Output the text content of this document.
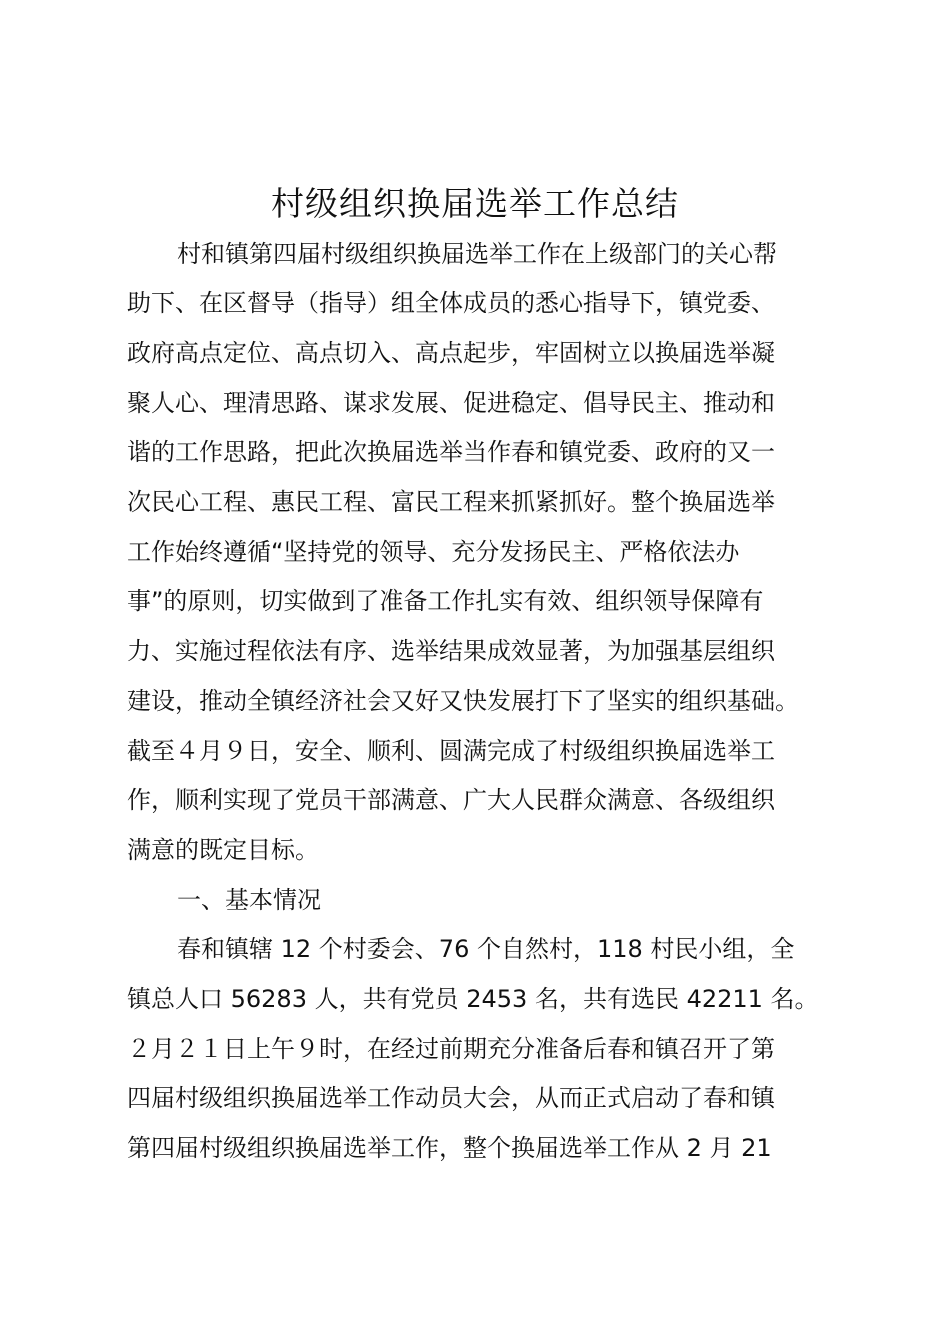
村级组织换届选举工作总结

村和镇第四届村级组织换届选举工作在上级部门的关心帮

助下、在区督导（指导）组全体成员的悉心指导下，镇党委、

政府高点定位、高点切入、高点起步，牢固树立以换届选举凝

聚人心、理清思路、谋求发展、促进稳定、倡导民主、推动和

谐的工作思路，把此次换届选举当作春和镇党委、政府的又一

次民心工程、惠民工程、富民工程来抓紧抓好。整个换届选举

工作始终遵循“坚持党的领导、充分发扬民主、严格依法办

事”的原则，切实做到了准备工作扎实有效、组织领导保障有

力、实施过程依法有序、选举结果成效显著，为加强基层组织

建设，推动全镇经济社会又好又快发展打下了坚实的组织基础。

截至４月９日，安全、顺利、圆满完成了村级组织换届选举工

作，顺利实现了党员干部满意、广大人民群众满意、各级组织

满意的既定目标。

一、基本情况

春和镇辖 12 个村委会、76 个自然村，118 村民小组，全

镇总人口 56283 人，共有党员 2453 名，共有选民 42211 名。

２月２１日上午９时，在经过前期充分准备后春和镇召开了第

四届村级组织换届选举工作动员大会，从而正式启动了春和镇

第四届村级组织换届选举工作，整个换届选举工作从 2 月 21
